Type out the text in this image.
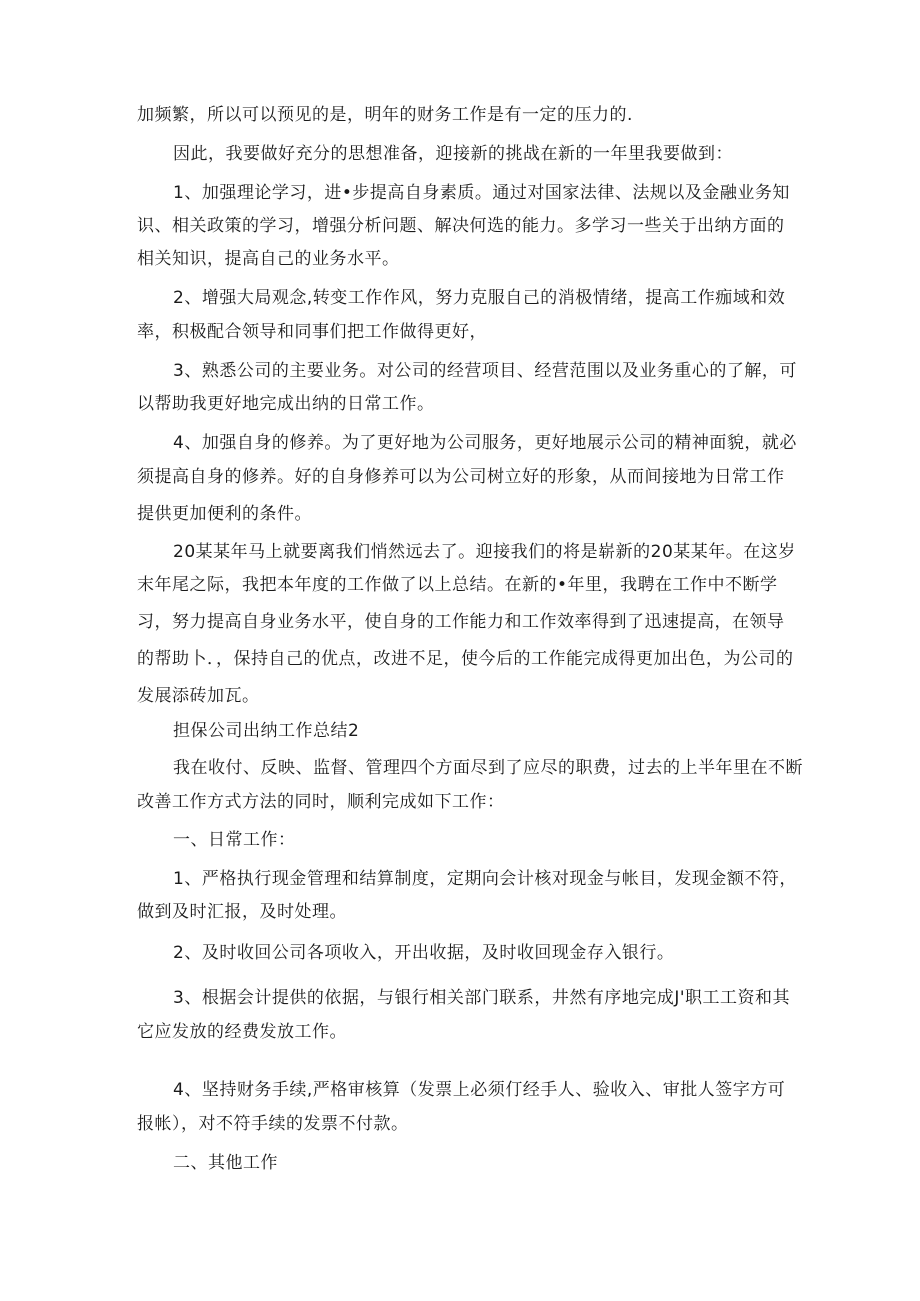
加频繁，所以可以预见的是，明年的财务工作是有一定的压力的.
因此，我要做好充分的思想准备，迎接新的挑战在新的一年里我要做到：
1、加强理论学习，进•步提高自身素质。通过对国家法律、法规以及金融业务知
识、相关政策的学习，增强分析问题、解决何选的能力。多学习一些关于出纳方面的
相关知识，提高自己的业务水平。
2、增强大局观念,转变工作作风，努力克服自己的消极情绪，提高工作痂域和效
率，积极配合领导和同事们把工作做得更好，
3、熟悉公司的主要业务。对公司的经营项目、经营范围以及业务重心的了解，可
以帮助我更好地完成出纳的日常工作。
4、加强自身的修养。为了更好地为公司服务，更好地展示公司的精神面貌，就必
须提高自身的修养。好的自身修养可以为公司树立好的形象，从而间接地为日常工作
提供更加便利的条件。
20某某年马上就要离我们悄然远去了。迎接我们的将是崭新的20某某年。在这岁
末年尾之际，我把本年度的工作做了以上总结。在新的•年里，我聘在工作中不断学
习，努力提高自身业务水平，使自身的工作能力和工作效率得到了迅速提高，在领导
的帮助卜．，保持自己的优点，改进不足，使今后的工作能完成得更加出色，为公司的
发展添砖加瓦。
担保公司出纳工作总结2
我在收付、反映、监督、管理四个方面尽到了应尽的职费，过去的上半年里在不断
改善工作方式方法的同时，顺利完成如下工作：
一、日常工作：
1、严格执行现金管理和结算制度，定期向会计核对现金与帐目，发现金额不符，
做到及时汇报，及时处理。
2、及时收回公司各项收入，开出收据，及时收回现金存入银行。
3、根据会计提供的依据，与银行相关部门联系，井然有序地完成J'职工工资和其
它应发放的经费发放工作。
4、坚持财务手续,严格审核算（发票上必须仃经手人、验收入、审批人签字方可
报帐），对不符手续的发票不付款。
二、其他工作
